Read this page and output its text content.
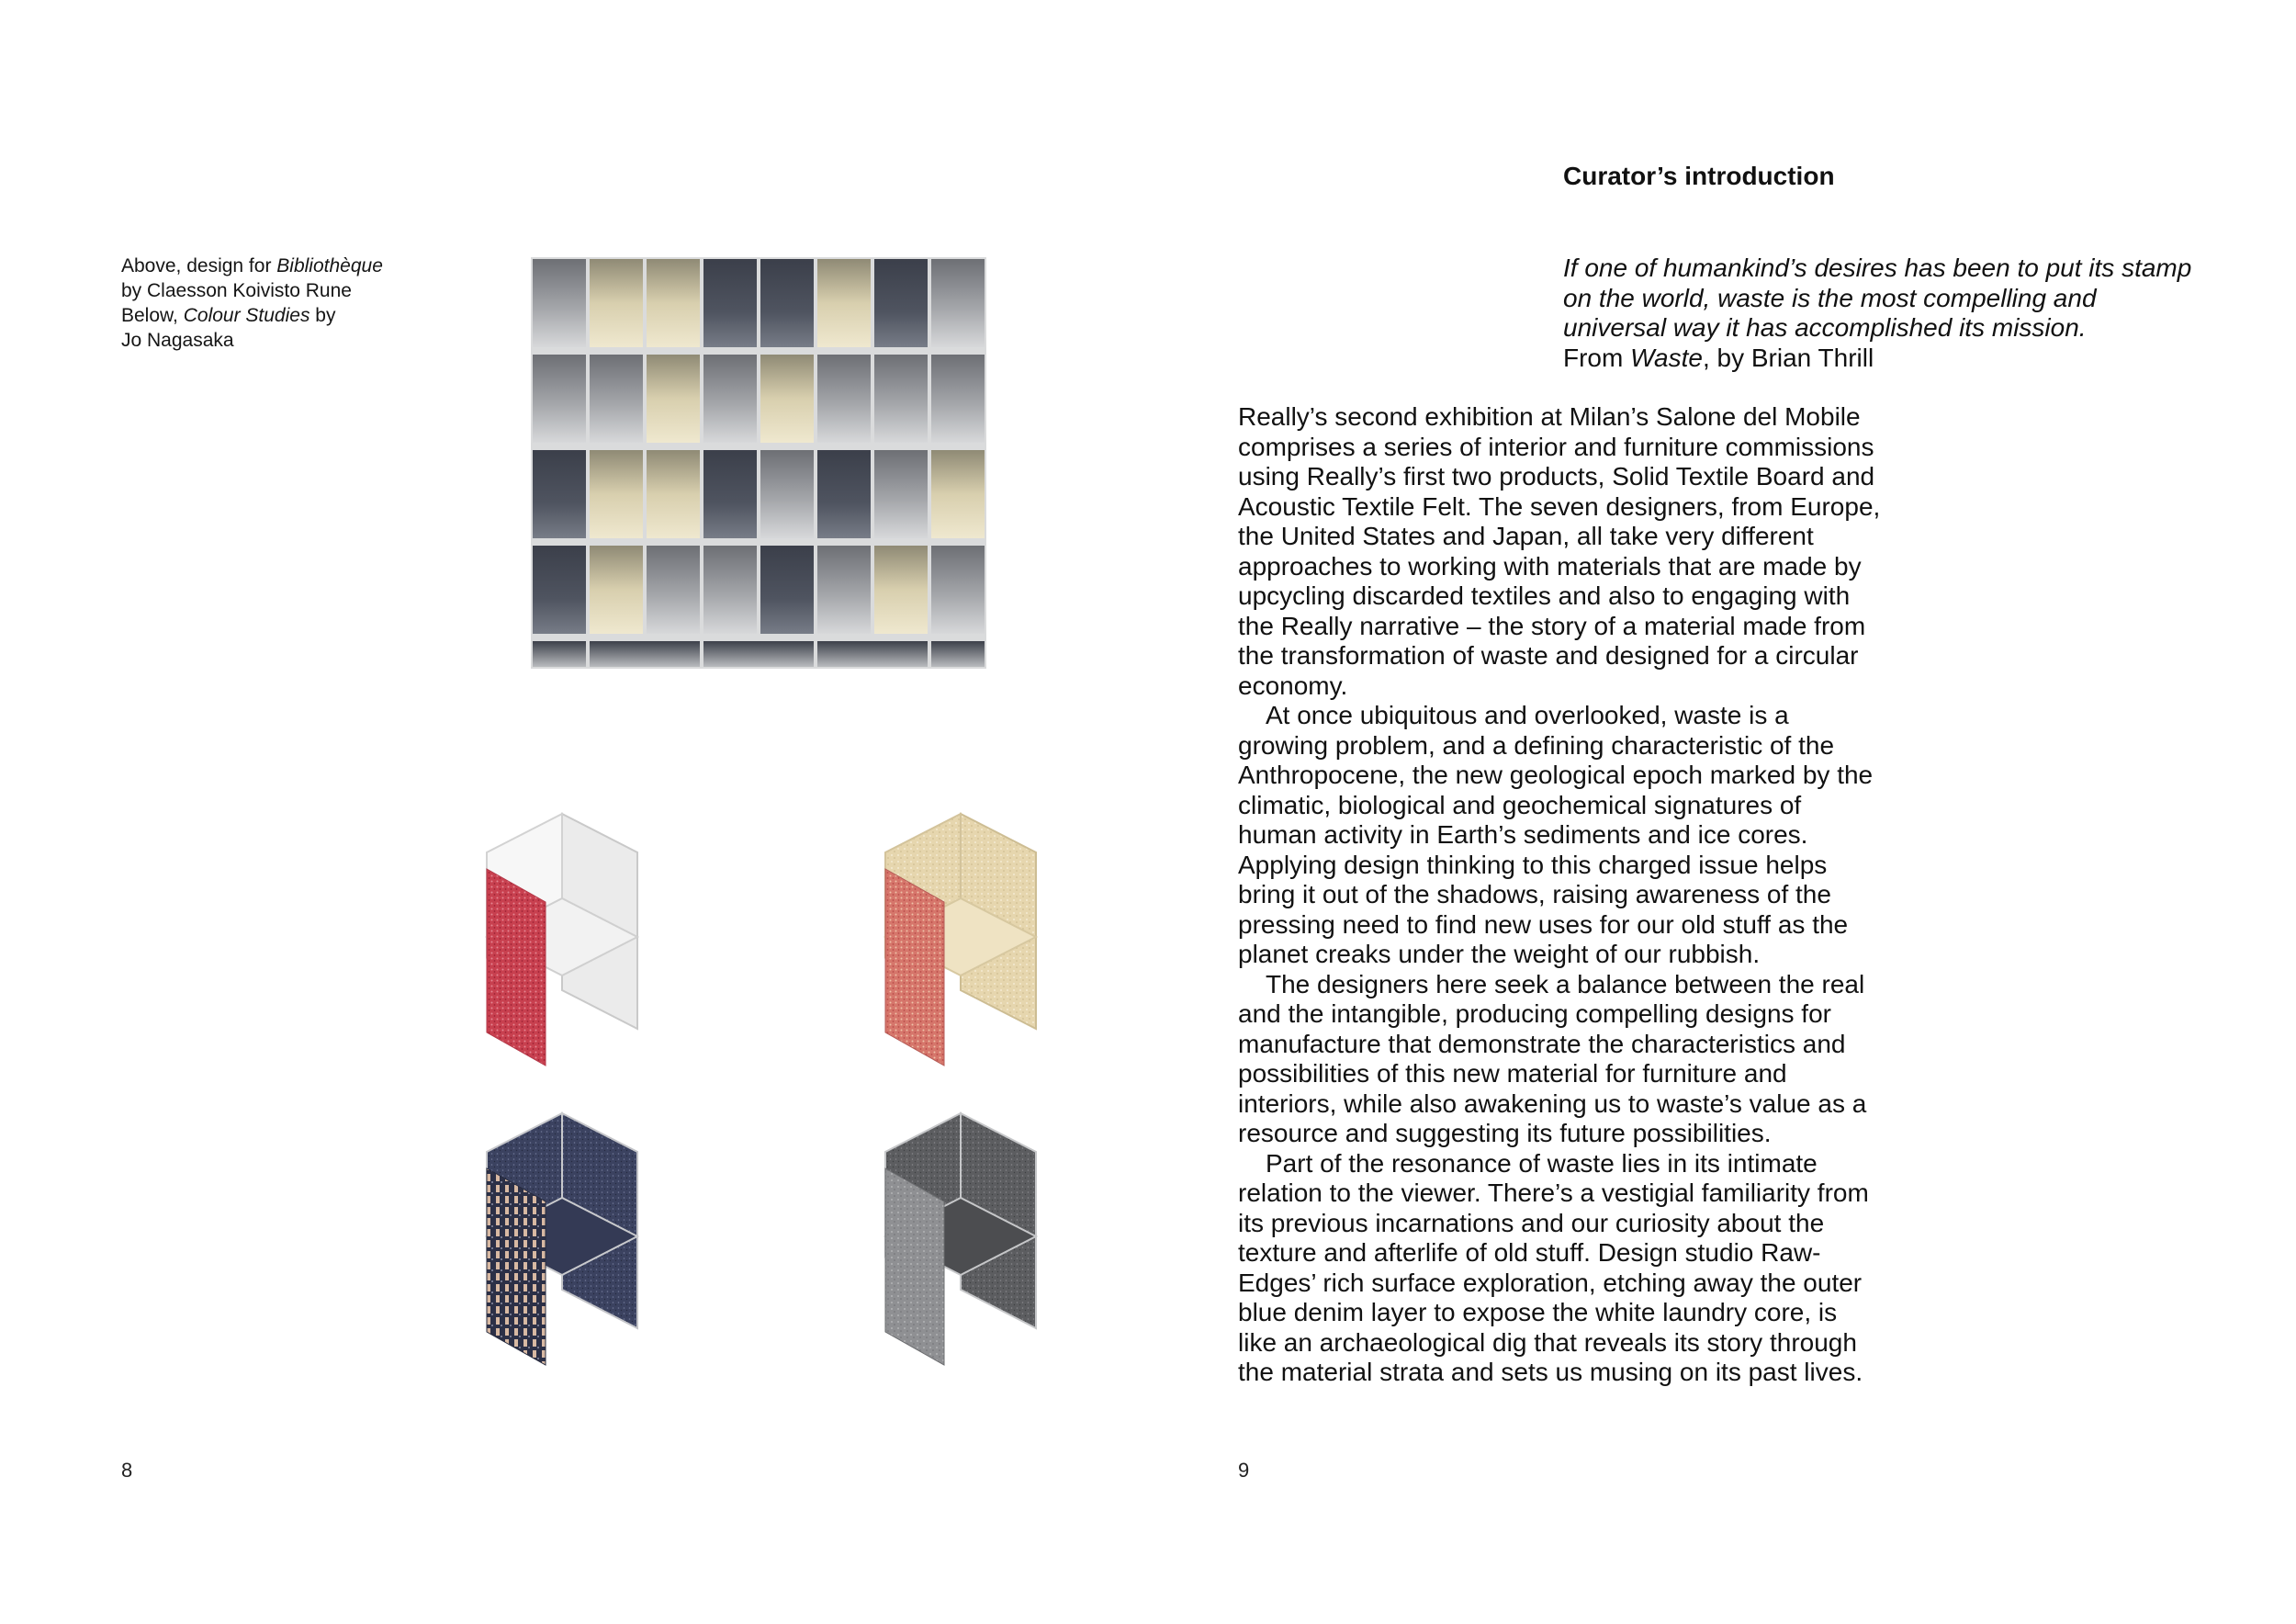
Above, design for Bibliothèque

by Claesson Koivisto Rune

Below, Colour Studies by

Jo Nagasaka

8
Curator’s introduction

If one of humankind’s desires has been to put its stamp on the world, waste is the most compelling and universal way it has accomplished its mission.

From Waste, by Brian Thrill

Really’s second exhibition at Milan’s Salone del Mobile comprises a series of interior and furniture commissions using Really’s first two products, Solid Textile Board and Acoustic Textile Felt. The seven designers, from Europe, the United States and Japan, all take very different approaches to working with materials that are made by upcycling discarded textiles and also to engaging with the Really narrative – the story of a material made from the transformation of waste and designed for a circular economy.

At once ubiquitous and overlooked, waste is a growing problem, and a defining characteristic of the Anthropocene, the new geological epoch marked by the climatic, biological and geochemical signatures of human activity in Earth’s sediments and ice cores. Applying design thinking to this charged issue helps bring it out of the shadows, raising awareness of the pressing need to find new uses for our old stuff as the planet creaks under the weight of our rubbish.

The designers here seek a balance between the real and the intangible, producing compelling designs for manufacture that demonstrate the characteristics and possibilities of this new material for furniture and interiors, while also awakening us to waste’s value as a resource and suggesting its future possibilities.

Part of the resonance of waste lies in its intimate relation to the viewer. There’s a vestigial familiarity from its previous incarnations and our curiosity about the texture and afterlife of old stuff. Design studio Raw-Edges’ rich surface exploration, etching away the outer blue denim layer to expose the white laundry core, is like an archaeological dig that reveals its story through the material strata and sets us musing on its past lives.

9
